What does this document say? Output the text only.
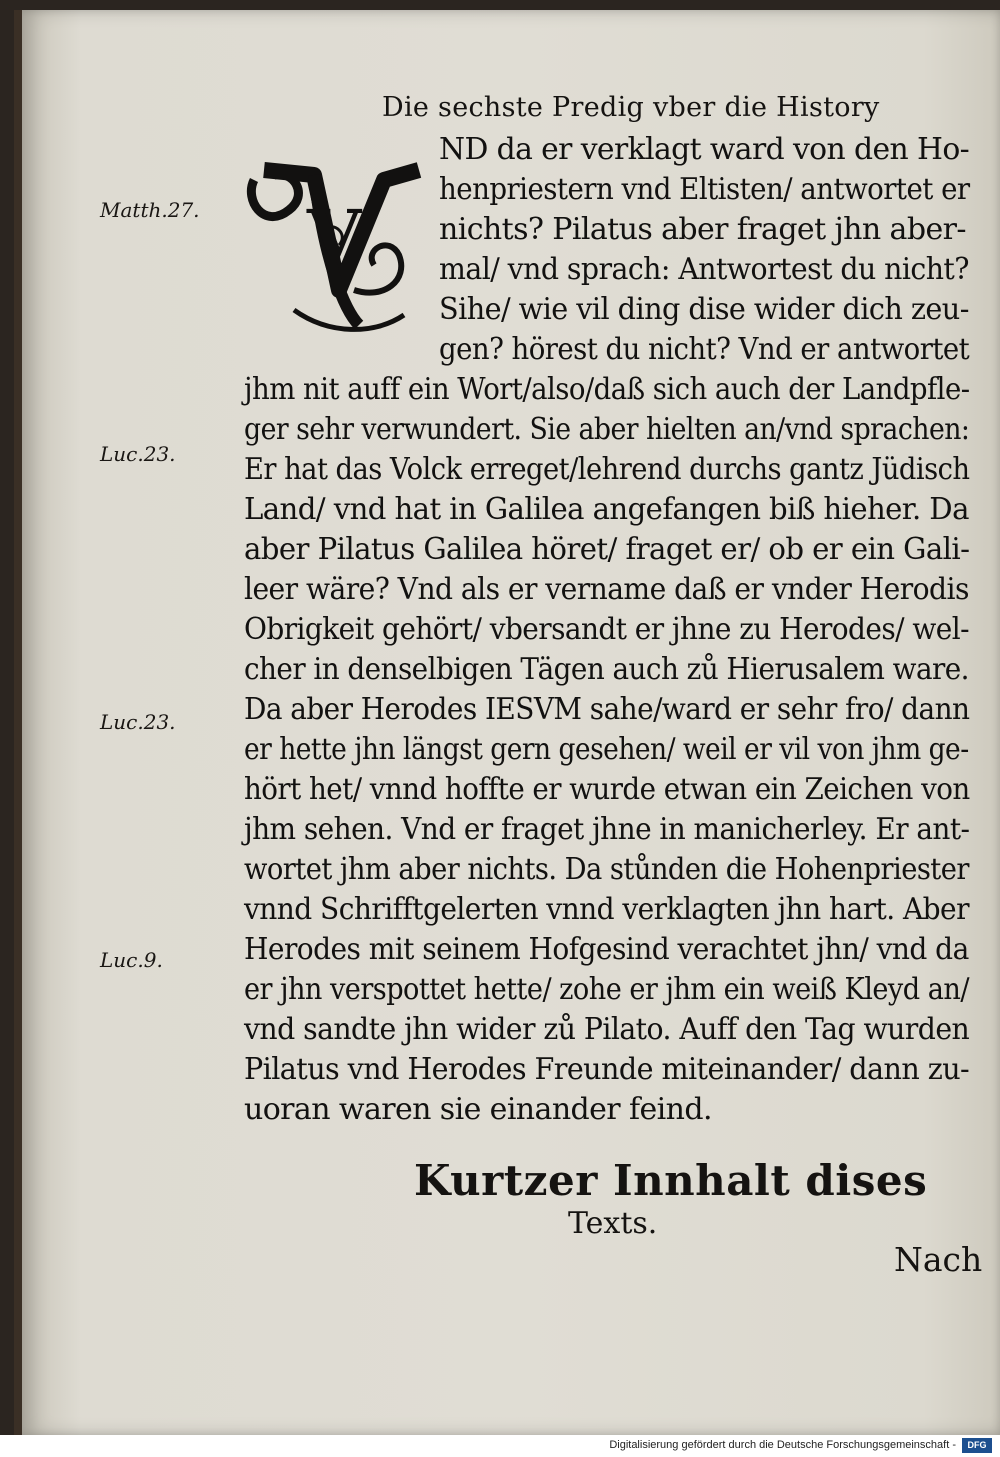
Die sechste Predig vber die History
Matth.27.
Luc.23.
Luc.23.
Luc.9.
V
ND da er verklagt ward von den Ho-
henpriestern vnd Eltisten/ antwortet er
nichts? Pilatus aber fraget jhn aber-
mal/ vnd sprach: Antwortest du nicht?
Sihe/ wie vil ding dise wider dich zeu-
gen? hörest du nicht? Vnd er antwortet
jhm nit auff ein Wort/also/daß sich auch der Landpfle-
ger sehr verwundert. Sie aber hielten an/vnd sprachen:
Er hat das Volck erreget/lehrend durchs gantz Jüdisch
Land/ vnd hat in Galilea angefangen biß hieher. Da
aber Pilatus Galilea höret/ fraget er/ ob er ein Gali-
leer wäre? Vnd als er vername daß er vnder Herodis
Obrigkeit gehört/ vbersandt er jhne zu Herodes/ wel-
cher in denselbigen Tägen auch zů Hierusalem ware.
Da aber Herodes IESVM sahe/ward er sehr fro/ dann
er hette jhn längst gern gesehen/ weil er vil von jhm ge-
hört het/ vnnd hoffte er wurde etwan ein Zeichen von
jhm sehen. Vnd er fraget jhne in manicherley. Er ant-
wortet jhm aber nichts. Da stůnden die Hohenpriester
vnnd Schrifftgelerten vnnd verklagten jhn hart. Aber
Herodes mit seinem Hofgesind verachtet jhn/ vnd da
er jhn verspottet hette/ zohe er jhm ein weiß Kleyd an/
vnd sandte jhn wider zů Pilato. Auff den Tag wurden
Pilatus vnd Herodes Freunde miteinander/ dann zu-
uoran waren sie einander feind.
Kurtzer Innhalt dises
Texts.
Nach
Digitalisierung gefördert durch die Deutsche Forschungsgemeinschaft -	DFG
